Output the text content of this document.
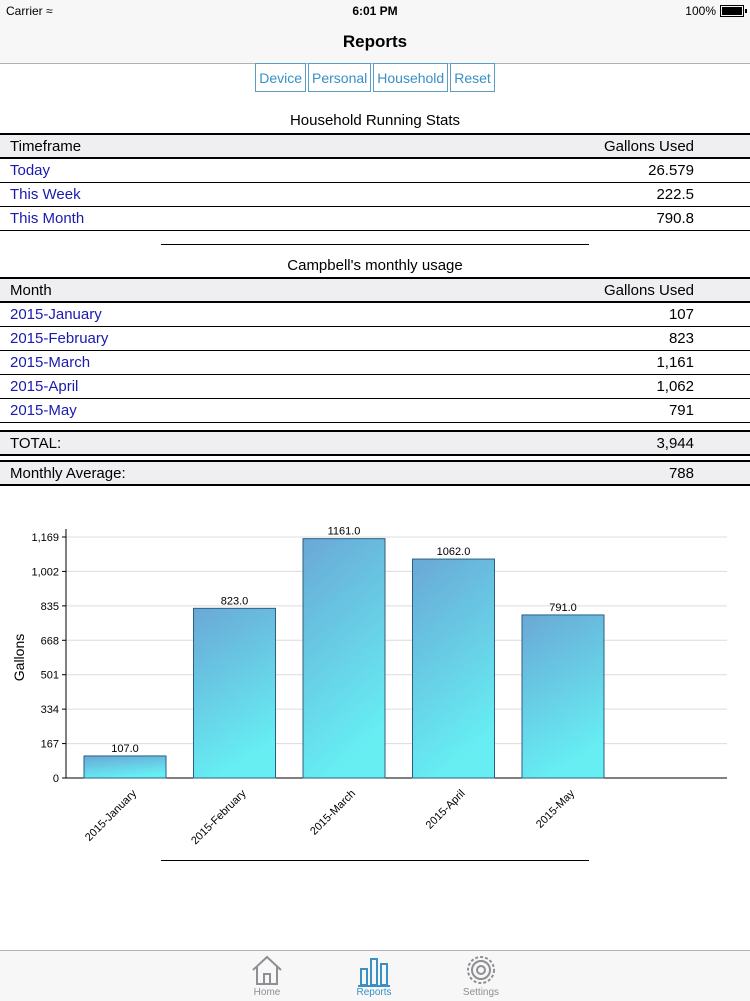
Carrier ≈	6:01 PM	100%
Reports
Device Personal Household Reset
Household Running Stats
Timeframe	Gallons Used
Today	26.579
This Week	222.5
This Month	790.8
Campbell's monthly usage
Month	Gallons Used
2015-January	107
2015-February	823
2015-March	1,161
2015-April	1,062
2015-May	791
TOTAL:	3,944
Monthly Average:	788
0
167
334
501
668
835
1,002
1,169
Gallons
107.0
2015-January
823.0
2015-February
1161.0
2015-March
1062.0
2015-April
791.0
2015-May
Home	Reports	Settings
